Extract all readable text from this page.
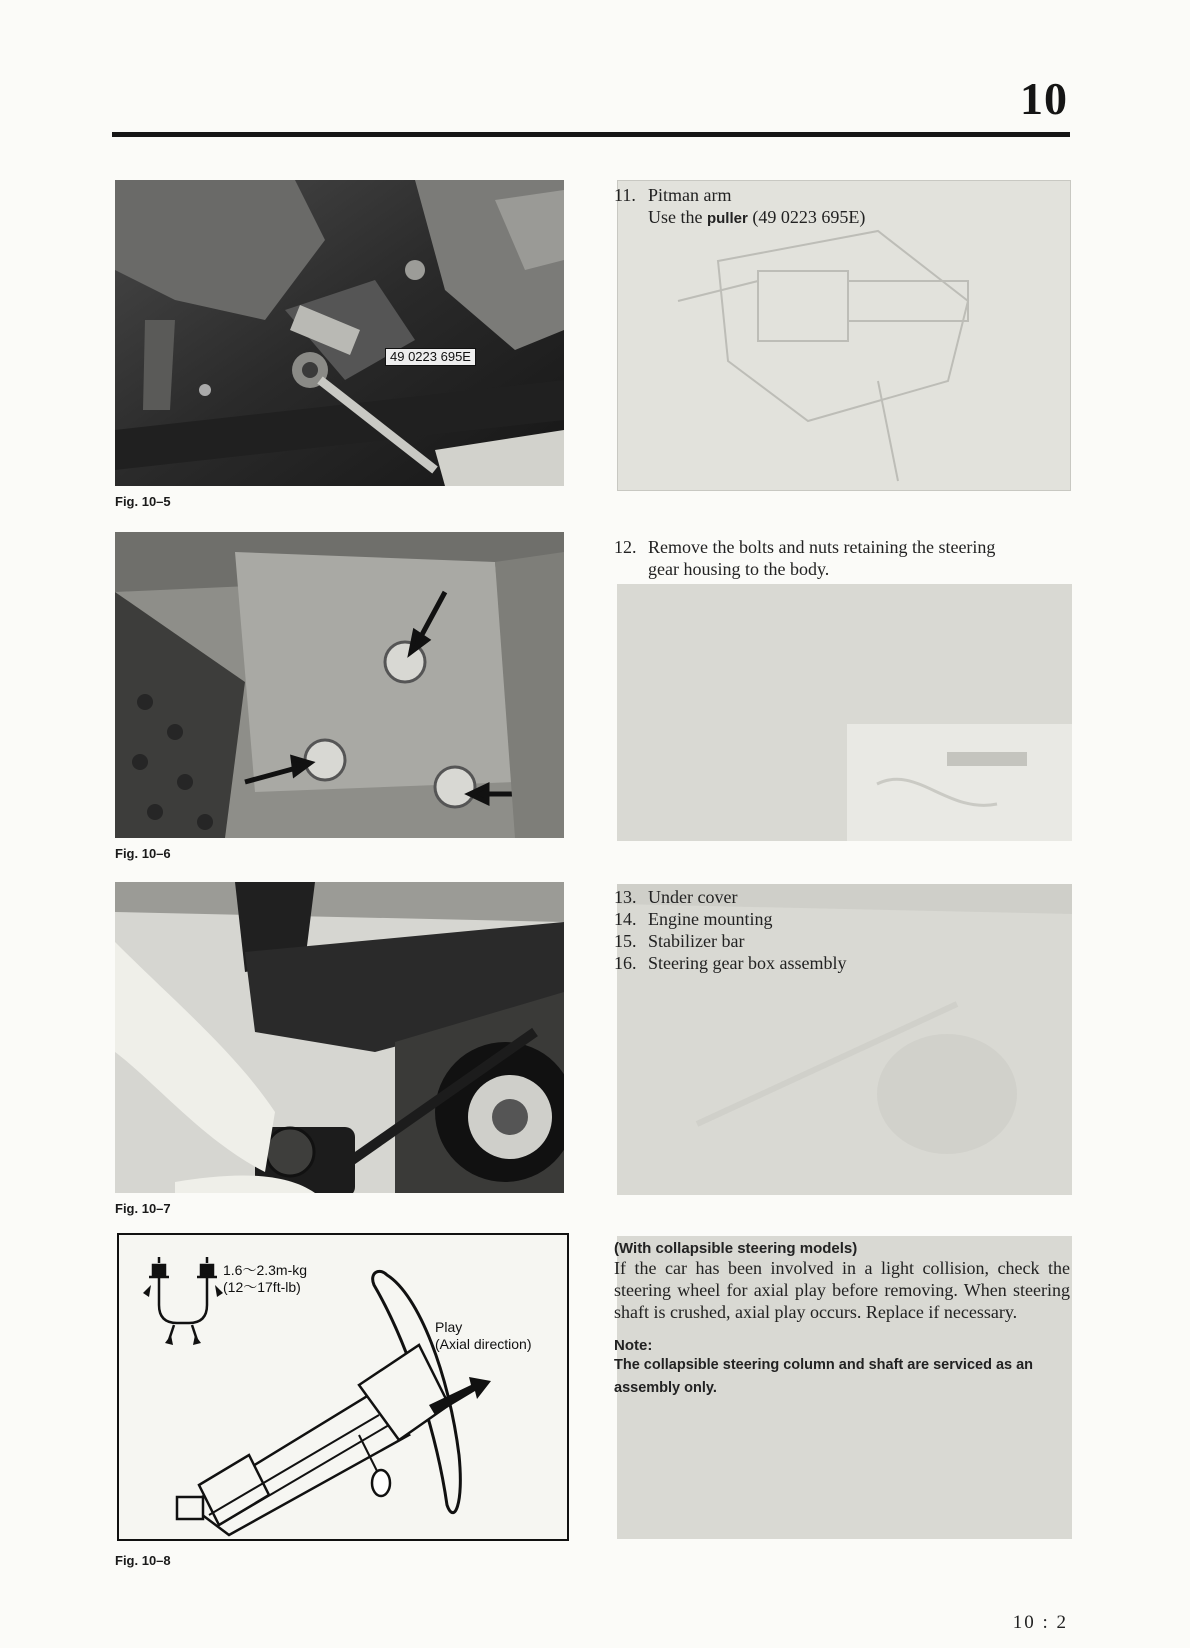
10
49 0223 695E
Fig. 10–5
11. Pitman arm
Use the puller (49 0223 695E)
Fig. 10–6
12. Remove the bolts and nuts retaining the steering
gear housing to the body.
Fig. 10–7
13. Under cover
14. Engine mounting
15. Stabilizer bar
16. Steering gear box assembly
1.6～2.3m-kg
(12～17ft-lb)
Play
(Axial direction)
Fig. 10–8
(With collapsible steering models)
If the car has been involved in a light collision, check the steering wheel for axial play before removing. When steering shaft is crushed, axial play occurs. Replace if necessary.
Note:
The collapsible steering column and shaft are serviced as an assembly only.
10 : 2
